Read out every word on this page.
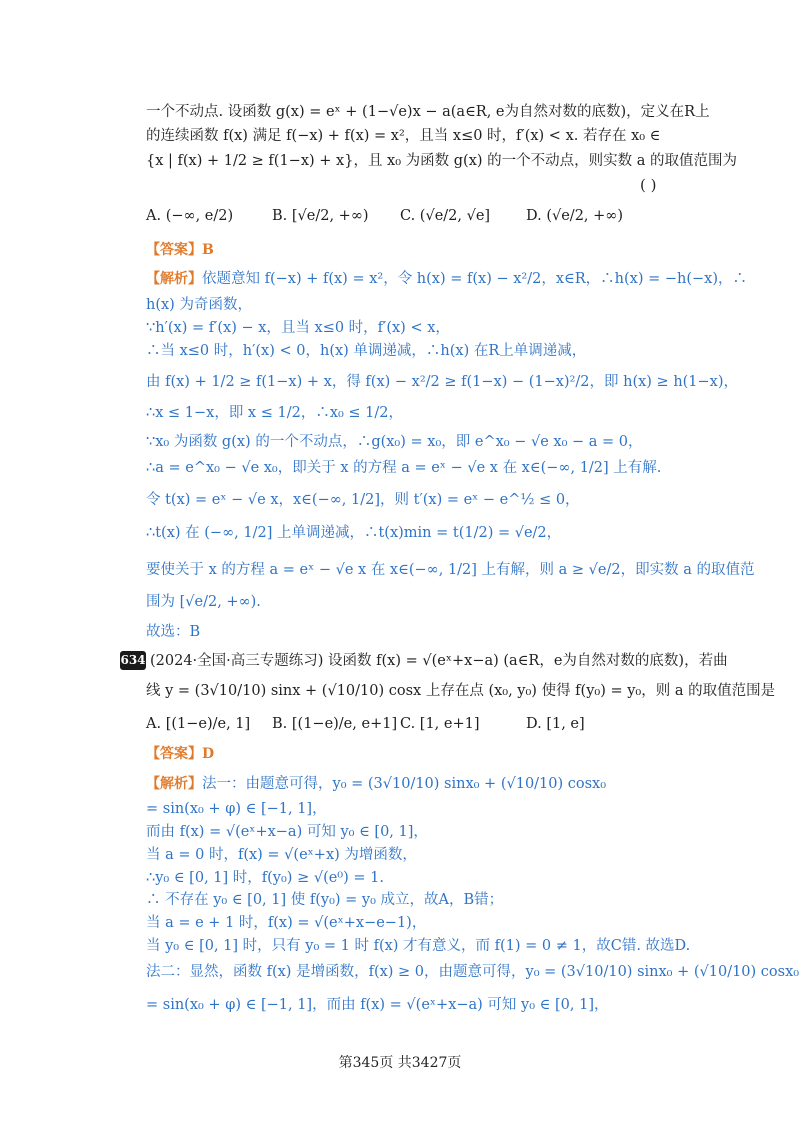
一个不动点. 设函数 g(x) = eˣ + (1−√e)x − a(a∈R, e为自然对数的底数)，定义在R上
的连续函数 f(x) 满足 f(−x) + f(x) = x²，且当 x≤0 时，f′(x) < x. 若存在 x₀ ∈
{x | f(x) + 1/2 ≥ f(1−x) + x}，且 x₀ 为函数 g(x) 的一个不动点，则实数 a 的取值范围为
( )
A. (−∞, e/2)	B. [√e/2, +∞) C. (√e/2, √e] D. (√e/2, +∞)
【答案】B
【解析】依题意知 f(−x) + f(x) = x²，令 h(x) = f(x) − x²/2，x∈R，∴h(x) = −h(−x)，∴
h(x) 为奇函数，
∵h′(x) = f′(x) − x，且当 x≤0 时，f′(x) < x，
∴当 x≤0 时，h′(x) < 0，h(x) 单调递减，∴h(x) 在R上单调递减，
由 f(x) + 1/2 ≥ f(1−x) + x，得 f(x) − x²/2 ≥ f(1−x) − (1−x)²/2，即 h(x) ≥ h(1−x)，
∴x ≤ 1−x，即 x ≤ 1/2，∴x₀ ≤ 1/2，
∵x₀ 为函数 g(x) 的一个不动点，∴g(x₀) = x₀，即 e^x₀ − √e x₀ − a = 0，
∴a = e^x₀ − √e x₀，即关于 x 的方程 a = eˣ − √e x 在 x∈(−∞, 1/2] 上有解.
令 t(x) = eˣ − √e x，x∈(−∞, 1/2]，则 t′(x) = eˣ − e^½ ≤ 0，
∴t(x) 在 (−∞, 1/2] 上单调递减，∴t(x)min = t(1/2) = √e/2，
要使关于 x 的方程 a = eˣ − √e x 在 x∈(−∞, 1/2] 上有解，则 a ≥ √e/2，即实数 a 的取值范
围为 [√e/2, +∞).
故选：B
634 (2024·全国·高三专题练习) 设函数 f(x) = √(eˣ+x−a) (a∈R，e为自然对数的底数)，若曲
线 y = (3√10/10) sinx + (√10/10) cosx 上存在点 (x₀, y₀) 使得 f(y₀) = y₀，则 a 的取值范围是
A. [(1−e)/e, 1] B. [(1−e)/e, e+1] C. [1, e+1]	D. [1, e]
【答案】D
【解析】法一：由题意可得，y₀ = (3√10/10) sinx₀ + (√10/10) cosx₀
= sin(x₀ + φ) ∈ [−1, 1]，
而由 f(x) = √(eˣ+x−a) 可知 y₀ ∈ [0, 1]，
当 a = 0 时，f(x) = √(eˣ+x) 为增函数，
∴y₀ ∈ [0, 1] 时，f(y₀) ≥ √(e⁰) = 1.
∴ 不存在 y₀ ∈ [0, 1] 使 f(y₀) = y₀ 成立，故A，B错；
当 a = e + 1 时，f(x) = √(eˣ+x−e−1)，
当 y₀ ∈ [0, 1] 时，只有 y₀ = 1 时 f(x) 才有意义，而 f(1) = 0 ≠ 1，故C错. 故选D.
法二：显然，函数 f(x) 是增函数，f(x) ≥ 0，由题意可得，y₀ = (3√10/10) sinx₀ + (√10/10) cosx₀
= sin(x₀ + φ) ∈ [−1, 1]，而由 f(x) = √(eˣ+x−a) 可知 y₀ ∈ [0, 1]，
第345页 共3427页
